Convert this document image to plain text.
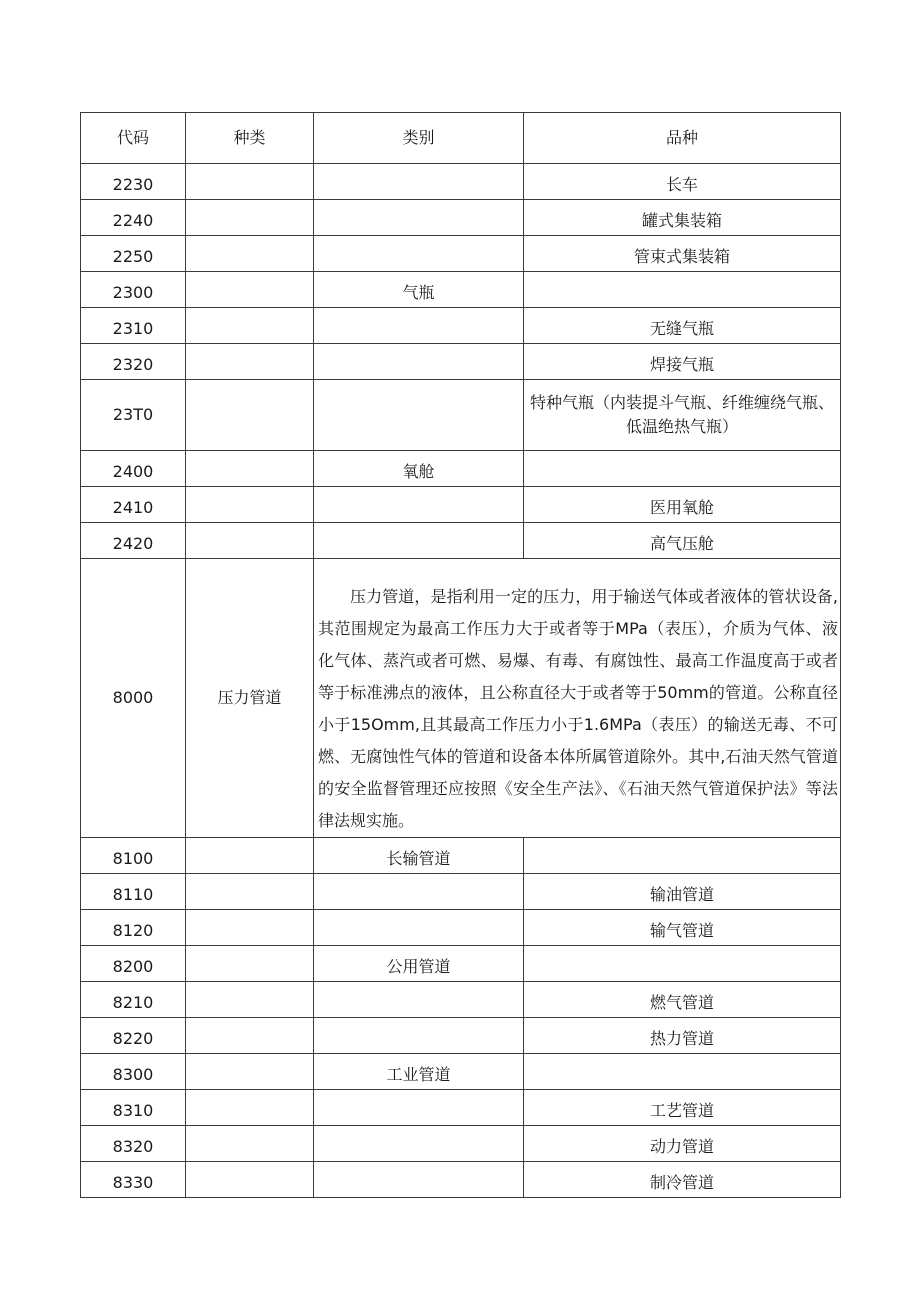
代码	种类	类别	品种
2230			长车
2240			罐式集装箱
2250			管束式集装箱
2300		气瓶	
2310			无缝气瓶
2320			焊接气瓶
23T0			特种气瓶（内装提斗气瓶、纤维缠绕气瓶、低温绝热气瓶）
2400		氧舱	
2410			医用氧舱
2420			高气压舱
8000	压力管道	压力管道，是指利用一定的压力，用于输送气体或者液体的管状设备,其范围规定为最高工作压力大于或者等于MPa（表压），介质为气体、液化气体、蒸汽或者可燃、易爆、有毒、有腐蚀性、最高工作温度高于或者等于标准沸点的液体，且公称直径大于或者等于50mm的管道。公称直径小于15Omm,且其最高工作压力小于1.6MPa（表压）的输送无毒、不可燃、无腐蚀性气体的管道和设备本体所属管道除外。其中,石油天然气管道的安全监督管理还应按照《安全生产法》、《石油天然气管道保护法》等法律法规实施。	

8100		长输管道	
8110			输油管道
8120			输气管道
8200		公用管道	
8210			燃气管道
8220			热力管道
8300		工业管道	
8310			工艺管道
8320			动力管道
8330			制冷管道
